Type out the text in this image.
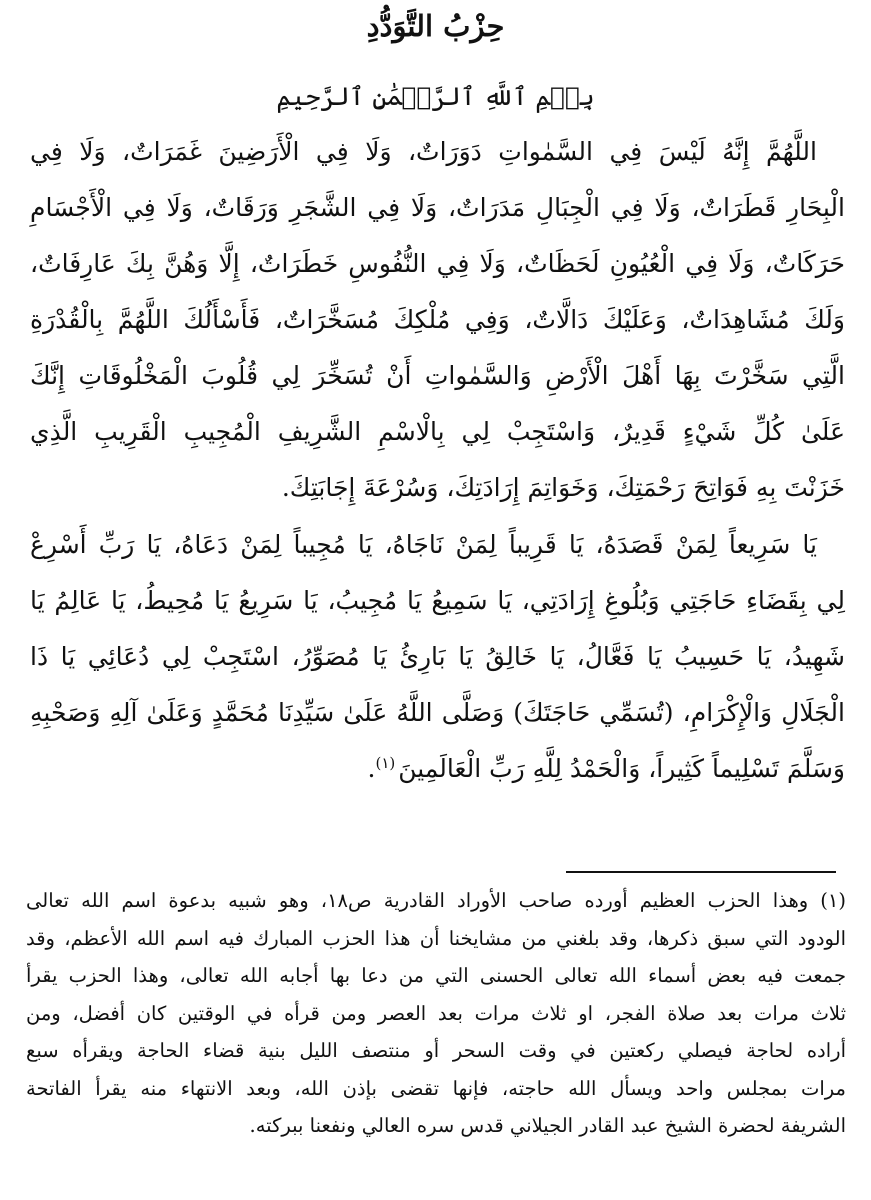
حِزْبُ التَّوَدُّدِ
بِسۡمِ ٱللَّهِ ٱلرَّحۡمَٰنِ ٱلرَّحِيمِ
اللَّهُمَّ إِنَّهُ لَيْسَ فِي السَّمٰواتِ دَوَرَاتٌ، وَلَا فِي الْأَرَضِينَ غَمَرَاتٌ، وَلَا فِي
الْبِحَارِ قَطَرَاتٌ، وَلَا فِي الْجِبَالِ مَدَرَاتٌ، وَلَا فِي الشَّجَرِ وَرَقَاتٌ، وَلَا فِي الْأَجْسَامِ
حَرَكَاتٌ، وَلَا فِي الْعُيُونِ لَحَظَاتٌ، وَلَا فِي النُّفُوسِ خَطَرَاتٌ، إِلَّا وَهُنَّ بِكَ عَارِفَاتٌ،
وَلَكَ مُشَاهِدَاتٌ، وَعَلَيْكَ دَالَّاتٌ، وَفِي مُلْكِكَ مُسَخَّرَاتٌ، فَأَسْأَلُكَ اللَّهُمَّ بِالْقُدْرَةِ
الَّتِي سَخَّرْتَ بِهَا أَهْلَ الْأَرْضِ وَالسَّمٰواتِ أَنْ تُسَخِّرَ لِي قُلُوبَ الْمَخْلُوقَاتِ إِنَّكَ
عَلَىٰ كُلِّ شَيْءٍ قَدِيرٌ، وَاسْتَجِبْ لِي بِالْاسْمِ الشَّرِيفِ الْمُجِيبِ الْقَرِيبِ الَّذِي
خَزَنْتَ بِهِ فَوَاتِحَ رَحْمَتِكَ، وَخَوَاتِمَ إِرَادَتِكَ، وَسُرْعَةَ إِجَابَتِكَ.
يَا سَرِيعاً لِمَنْ قَصَدَهُ، يَا قَرِيباً لِمَنْ نَاجَاهُ، يَا مُجِيباً لِمَنْ دَعَاهُ، يَا رَبِّ أَسْرِعْ
لِي بِقَضَاءِ حَاجَتِي وَبُلُوغِ إِرَادَتِي، يَا سَمِيعُ يَا مُجِيبُ، يَا سَرِيعُ يَا مُحِيطُ، يَا عَالِمُ يَا
شَهِيدُ، يَا حَسِيبُ يَا فَعَّالُ، يَا خَالِقُ يَا بَارِئُ يَا مُصَوِّرُ، اسْتَجِبْ لِي دُعَائِي يَا ذَا
الْجَلَالِ وَالْإِكْرَامِ، (تُسَمِّي حَاجَتَكَ) وَصَلَّى اللَّهُ عَلَىٰ سَيِّدِنَا مُحَمَّدٍ وَعَلَىٰ آلِهِ وَصَحْبِهِ
وَسَلَّمَ تَسْلِيماً كَثِيراً، وَالْحَمْدُ لِلَّهِ رَبِّ الْعَالَمِينَ$^{(١)}$.
(١) وهذا الحزب العظيم أورده صاحب الأوراد القادرية ص١٨، وهو شبيه بدعوة اسم الله تعالى
الودود التي سبق ذكرها، وقد بلغني من مشايخنا أن هذا الحزب المبارك فيه اسم الله الأعظم، وقد
جمعت فيه بعض أسماء الله تعالى الحسنى التي من دعا بها أجابه الله تعالى، وهذا الحزب يقرأ
ثلاث مرات بعد صلاة الفجر، او ثلاث مرات بعد العصر ومن قرأه في الوقتين كان أفضل، ومن
أراده لحاجة فيصلي ركعتين في وقت السحر أو منتصف الليل بنية قضاء الحاجة ويقرأه سبع
مرات بمجلس واحد ويسأل الله حاجته، فإنها تقضى بإذن الله، وبعد الانتهاء منه يقرأ الفاتحة
الشريفة لحضرة الشيخ عبد القادر الجيلاني قدس سره العالي ونفعنا ببركته.
